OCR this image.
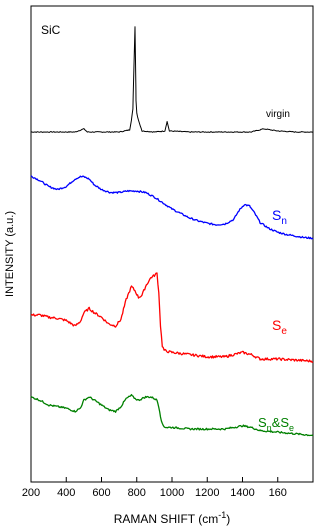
200 400 600 800 1000 1200 1400 160
SiC
virgin
$S_n$
$S_e$
$S_n\&S_e$
RAMAN SHIFT $(cm^{-1})$
INTENSITY (a.u.)
